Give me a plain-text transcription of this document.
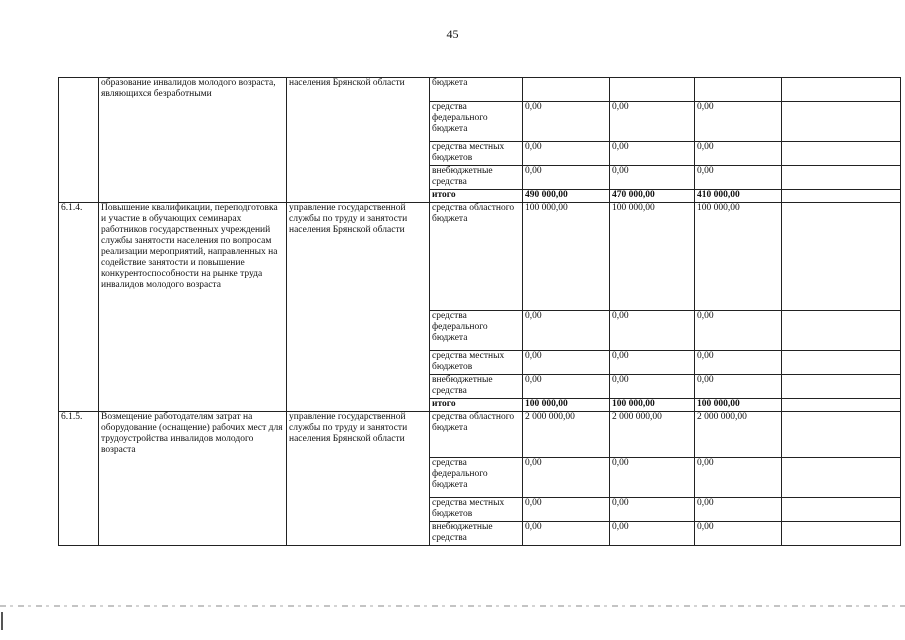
45
	образование инвалидов молодого возраста, являющихся безработными	населения Брянской области	бюджета				
			средства федерального бюджета	0,00	0,00	0,00	
			средства местных бюджетов	0,00	0,00	0,00	
			внебюджетные средства	0,00	0,00	0,00	
			итого	490 000,00	470 000,00	410 000,00	
6.1.4.	Повышение квалификации, переподготовка и участие в обучающих семинарах работников государственных учреждений службы занятости населения по вопросам реализации мероприятий, направленных на содействие занятости и повышение конкурентоспособности на рынке труда инвалидов молодого возраста	управление государственной службы по труду и занятости населения Брянской области	средства областного бюджета	100 000,00	100 000,00	100 000,00	
			средства федерального бюджета	0,00	0,00	0,00	
			средства местных бюджетов	0,00	0,00	0,00	
			внебюджетные средства	0,00	0,00	0,00	
			итого	100 000,00	100 000,00	100 000,00	
6.1.5.	Возмещение работодателям затрат на оборудование (оснащение) рабочих мест для трудоустройства инвалидов молодого возраста	управление государственной службы по труду и занятости населения Брянской области	средства областного бюджета	2 000 000,00	2 000 000,00	2 000 000,00	
			средства федерального бюджета	0,00	0,00	0,00	
			средства местных бюджетов	0,00	0,00	0,00	
			внебюджетные средства	0,00	0,00	0,00	
